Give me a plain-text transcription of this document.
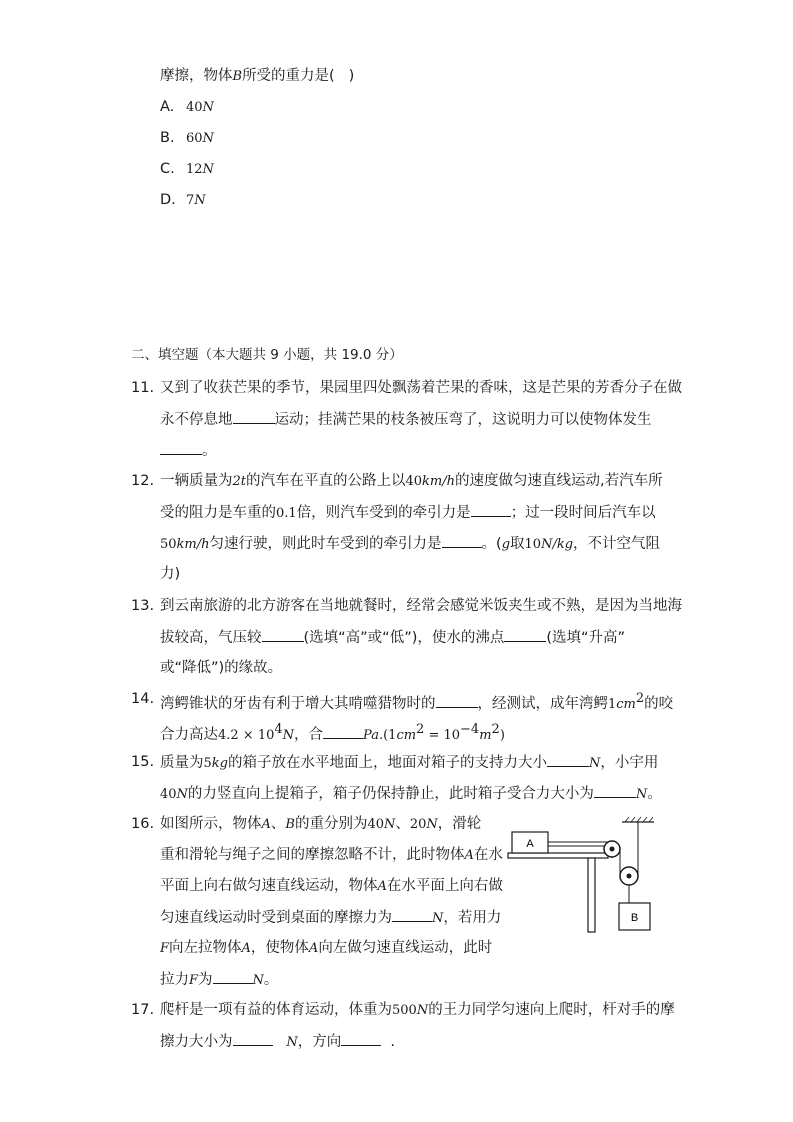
摩擦，物体B所受的重力是( )
A. 40N
B. 60N
C. 12N
D. 7N
二、填空题（本大题共 9 小题，共 19.0 分）
11. 又到了收获芒果的季节，果园里四处飘荡着芒果的香味，这是芒果的芳香分子在做
永不停息地	运动；挂满芒果的枝条被压弯了，这说明力可以使物体发生
。
12. 一辆质量为2t的汽车在平直的公路上以40km/h的速度做匀速直线运动,若汽车所
受的阻力是车重的0.1倍，则汽车受到的牵引力是	；过一段时间后汽车以
50km/h匀速行驶，则此时车受到的牵引力是	。(g取10N/kg，不计空气阻
力)
13. 到云南旅游的北方游客在当地就餐时，经常会感觉米饭夹生或不熟，是因为当地海
拔较高，气压较	(选填“高”或“低”)，使水的沸点	(选填“升高”
或“降低”)的缘故。
14. 湾鳄锥状的牙齿有利于增大其啃噬猎物时的	，经测试，成年湾鳄$1cm^2$的咬
合力高达$4.2 \times 10^4N$，合	$Pa.(1cm^2 = 10^{-4}m^2)$
15. 质量为5kg的箱子放在水平地面上，地面对箱子的支持力大小	N，小宇用
40N的力竖直向上提箱子，箱子仍保持静止，此时箱子受合力大小为	N。
16. 如图所示，物体A、B的重分别为40N、20N，滑轮
重和滑轮与绳子之间的摩擦忽略不计，此时物体A在水
平面上向右做匀速直线运动，物体A在水平面上向右做
匀速直线运动时受到桌面的摩擦力为	N，若用力
F向左拉物体A，使物体A向左做匀速直线运动，此时
拉力F为	N。
A
B
17. 爬杆是一项有益的体育运动，体重为500N的王力同学匀速向上爬时，杆对手的摩
擦力大小为	N，方向	.
